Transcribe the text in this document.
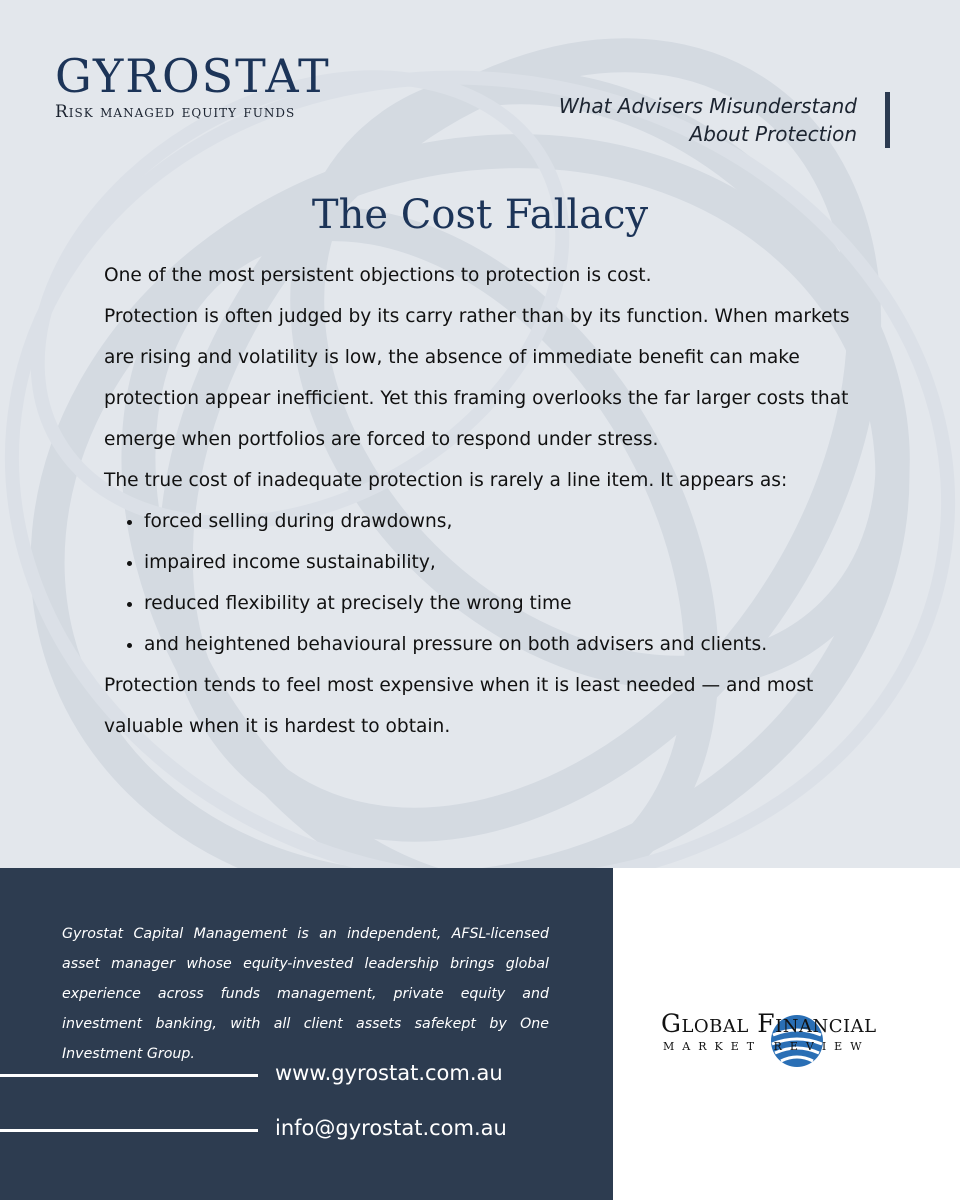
GYROSTAT
Risk managed equity funds	What Advisers Misunderstand
About Protection
The Cost Fallacy

One of the most persistent objections to protection is cost.

Protection is often judged by its carry rather than by its function. When markets are rising and volatility is low, the absence of immediate benefit can make protection appear inefficient. Yet this framing overlooks the far larger costs that emerge when portfolios are forced to respond under stress.

The true cost of inadequate protection is rarely a line item. It appears as:

• forced selling during drawdowns,
• impaired income sustainability,
• reduced flexibility at precisely the wrong time
• and heightened behavioural pressure on both advisers and clients.

Protection tends to feel most expensive when it is least needed — and most valuable when it is hardest to obtain.

Gyrostat Capital Management is an independent, AFSL-licensed asset manager whose equity-invested leadership brings global experience across funds management, private equity and investment banking, with all client assets safekept by One Investment Group.
www.gyrostat.com.au
info@gyrostat.com.au
Global Financial
MARKET REVIEW
